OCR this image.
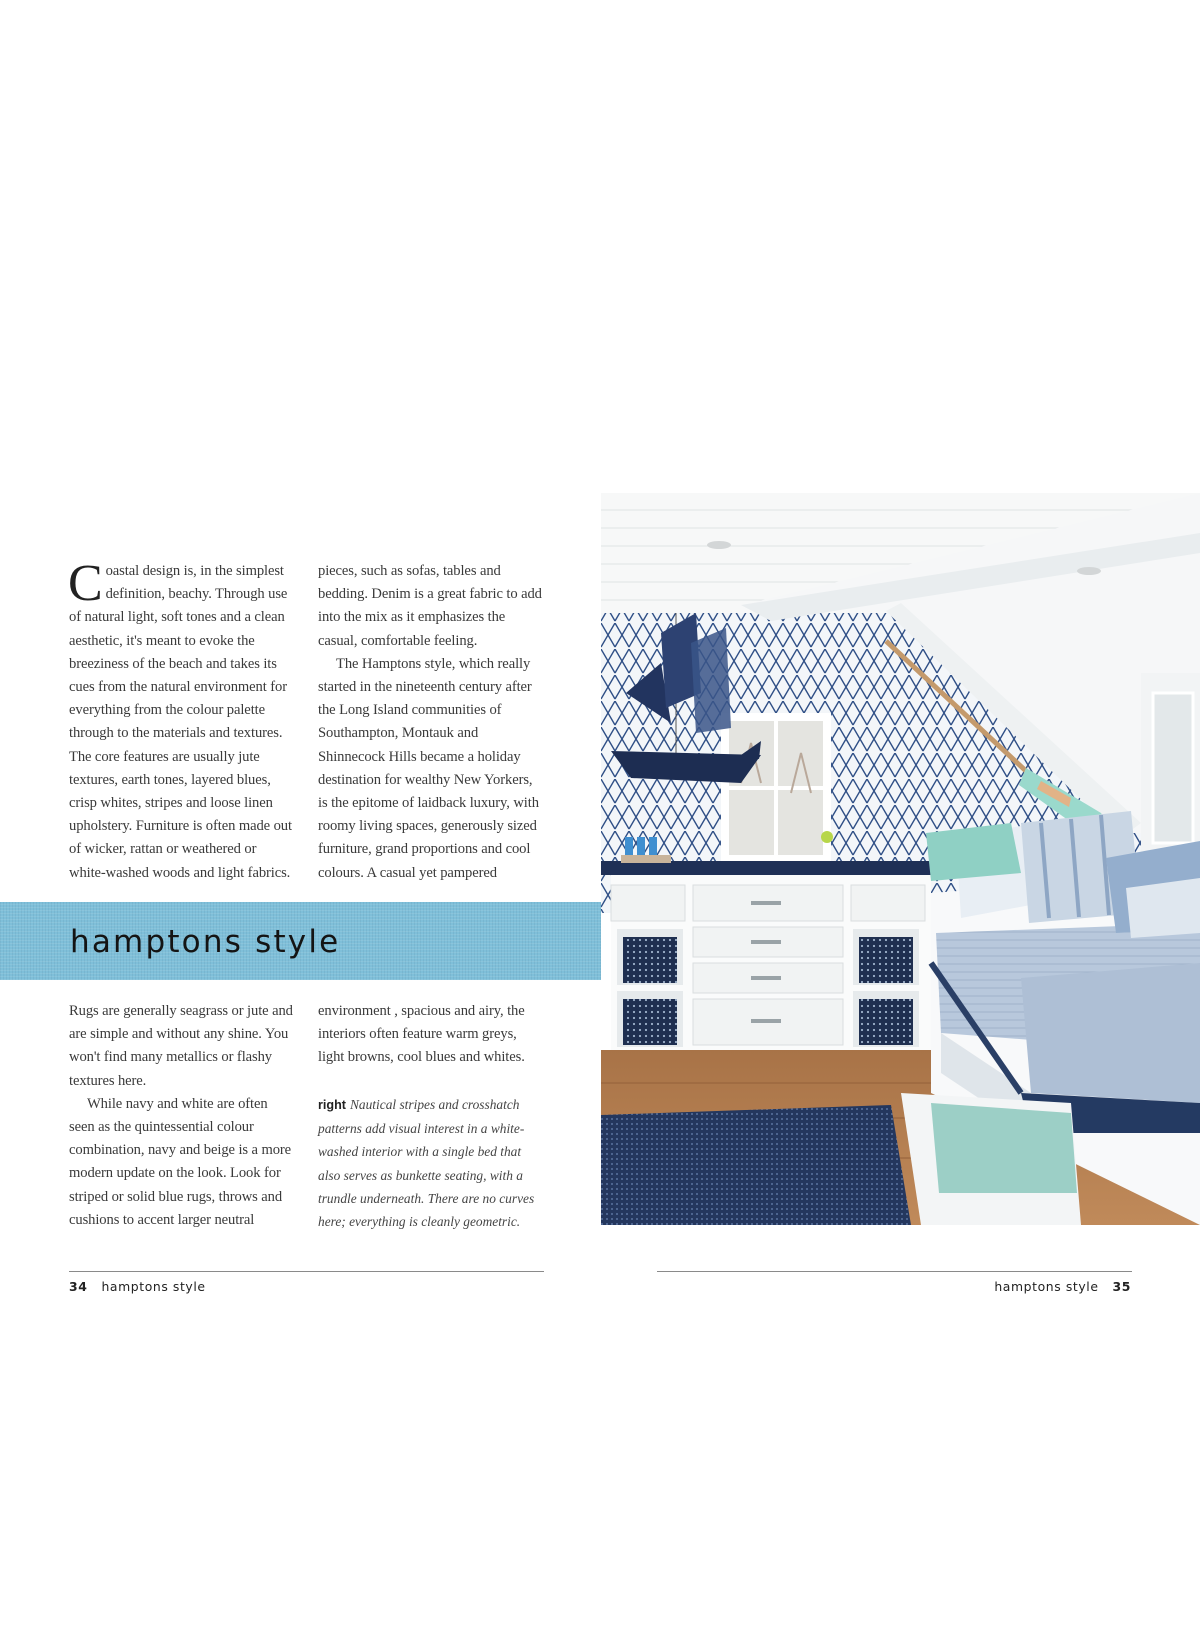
Coastal design is, in the simplest definition, beachy. Through use of natural light, soft tones and a clean aesthetic, it's meant to evoke the breeziness of the beach and takes its cues from the natural environment for everything from the colour palette through to the materials and textures. The core features are usually jute textures, earth tones, layered blues, crisp whites, stripes and loose linen upholstery. Furniture is often made out of wicker, rattan or weathered or white-washed woods and light fabrics.

pieces, such as sofas, tables and bedding. Denim is a great fabric to add into the mix as it emphasizes the casual, comfortable feeling.

The Hamptons style, which really started in the nineteenth century after the Long Island communities of Southampton, Montauk and Shinnecock Hills became a holiday destination for wealthy New Yorkers, is the epitome of laidback luxury, with roomy living spaces, generously sized furniture, grand proportions and cool colours. A casual yet pampered

hamptons style

Rugs are generally seagrass or jute and are simple and without any shine. You won't find many metallics or flashy textures here.

While navy and white are often seen as the quintessential colour combination, navy and beige is a more modern update on the look. Look for striped or solid blue rugs, throws and cushions to accent larger neutral

environment , spacious and airy, the interiors often feature warm greys, light browns, cool blues and whites.

right Nautical stripes and crosshatch patterns add visual interest in a white-washed interior with a single bed that also serves as bunkette seating, with a trundle underneath. There are no curves here; everything is cleanly geometric.

34 hamptons style	hamptons style 35
